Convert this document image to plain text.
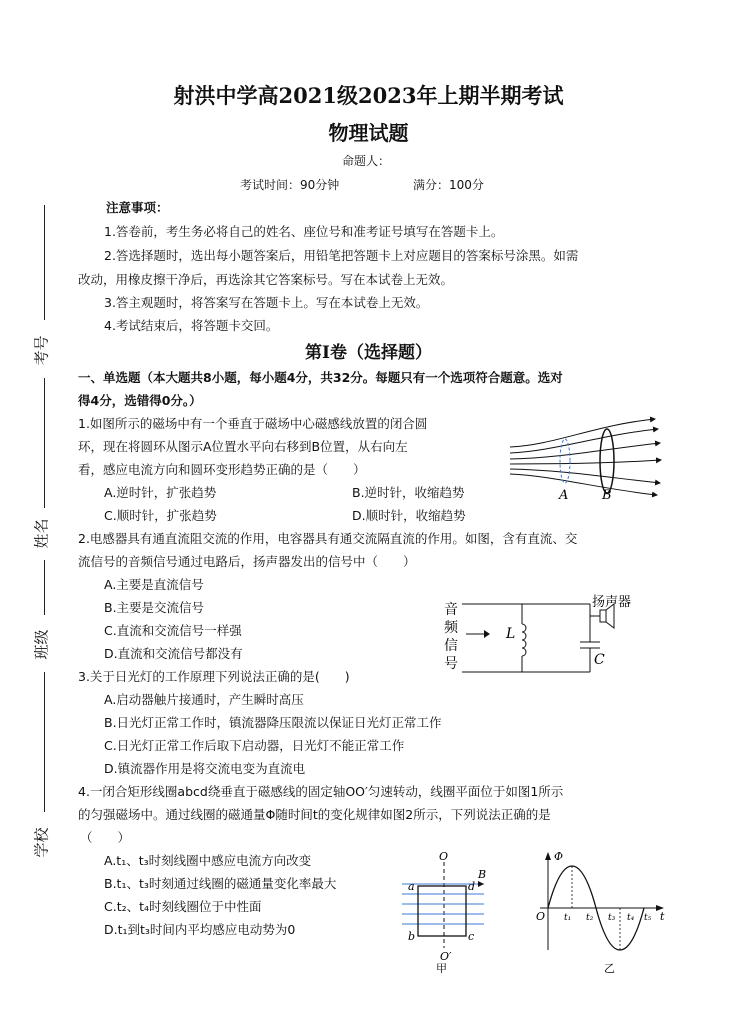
考号
姓名
班级
学校
射洪中学高2021级2023年上期半期考试
物理试题
命题人：
考试时间：90分钟	满分：100分
注意事项：
1.答卷前，考生务必将自己的姓名、座位号和准考证号填写在答题卡上。
2.答选择题时，选出每小题答案后，用铅笔把答题卡上对应题目的答案标号涂黑。如需
改动，用橡皮擦干净后，再选涂其它答案标号。写在本试卷上无效。
3.答主观题时，将答案写在答题卡上。写在本试卷上无效。
4.考试结束后，将答题卡交回。
第Ⅰ卷（选择题）
一、单选题（本大题共8小题，每小题4分，共32分。每题只有一个选项符合题意。选对
得4分，选错得0分。）
1.如图所示的磁场中有一个垂直于磁场中心磁感线放置的闭合圆
环，现在将圆环从图示A位置水平向右移到B位置，从右向左
看，感应电流方向和圆环变形趋势正确的是（　　）
A.逆时针，扩张趋势	B.逆时针，收缩趋势
C.顺时针，扩张趋势	D.顺时针，收缩趋势
A	B
2.电感器具有通直流阻交流的作用，电容器具有通交流隔直流的作用。如图，含有直流、交
流信号的音频信号通过电路后，扬声器发出的信号中（　　）
A.主要是直流信号
B.主要是交流信号
C.直流和交流信号一样强
D.直流和交流信号都没有
音
频
信
号
L
C
扬声器
3.关于日光灯的工作原理下列说法正确的是(　　)
A.启动器触片接通时，产生瞬时高压
B.日光灯正常工作时，镇流器降压限流以保证日光灯正常工作
C.日光灯正常工作后取下启动器，日光灯不能正常工作
D.镇流器作用是将交流电变为直流电
4.一闭合矩形线圈abcd绕垂直于磁感线的固定轴OO′匀速转动，线圈平面位于如图1所示
的匀强磁场中。通过线圈的磁通量Φ随时间t的变化规律如图2所示，下列说法正确的是
（　　）
A.t₁、t₃时刻线圈中感应电流方向改变
B.t₁、t₃时刻通过线圈的磁通量变化率最大
C.t₂、t₄时刻线圈位于中性面
D.t₁到t₃时间内平均感应电动势为0
O
O′
a
b	c
d
B
甲
Φ
O	t
t₁ t₂ t₃ t₄ t₅
乙
